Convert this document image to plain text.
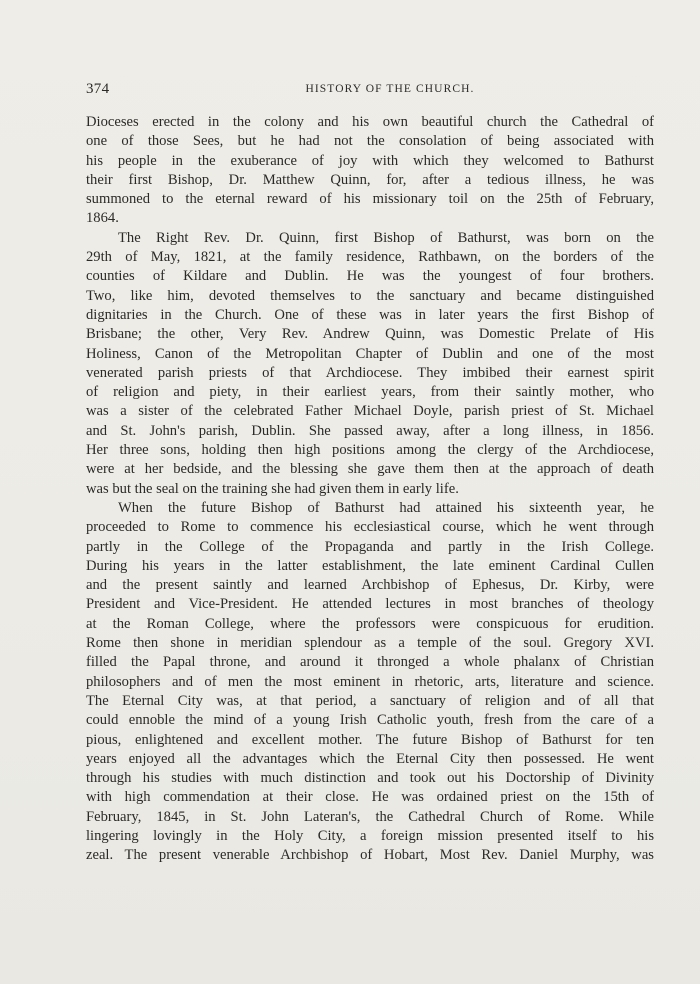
374	HISTORY OF THE CHURCH.
Dioceses erected in the colony and his own beautiful church the Cathedral of
one of those Sees, but he had not the consolation of being associated with
his people in the exuberance of joy with which they welcomed to Bathurst
their first Bishop, Dr. Matthew Quinn, for, after a tedious illness, he was
summoned to the eternal reward of his missionary toil on the 25th of February,
1864.
The Right Rev. Dr. Quinn, first Bishop of Bathurst, was born on the
29th of May, 1821, at the family residence, Rathbawn, on the borders of the
counties of Kildare and Dublin. He was the youngest of four brothers.
Two, like him, devoted themselves to the sanctuary and became distinguished
dignitaries in the Church. One of these was in later years the first Bishop of
Brisbane; the other, Very Rev. Andrew Quinn, was Domestic Prelate of His
Holiness, Canon of the Metropolitan Chapter of Dublin and one of the most
venerated parish priests of that Archdiocese. They imbibed their earnest spirit
of religion and piety, in their earliest years, from their saintly mother, who
was a sister of the celebrated Father Michael Doyle, parish priest of St. Michael
and St. John's parish, Dublin. She passed away, after a long illness, in 1856.
Her three sons, holding then high positions among the clergy of the Archdiocese,
were at her bedside, and the blessing she gave them then at the approach of death
was but the seal on the training she had given them in early life.
When the future Bishop of Bathurst had attained his sixteenth year, he
proceeded to Rome to commence his ecclesiastical course, which he went through
partly in the College of the Propaganda and partly in the Irish College.
During his years in the latter establishment, the late eminent Cardinal Cullen
and the present saintly and learned Archbishop of Ephesus, Dr. Kirby, were
President and Vice-President. He attended lectures in most branches of theology
at the Roman College, where the professors were conspicuous for erudition.
Rome then shone in meridian splendour as a temple of the soul. Gregory XVI.
filled the Papal throne, and around it thronged a whole phalanx of Christian
philosophers and of men the most eminent in rhetoric, arts, literature and science.
The Eternal City was, at that period, a sanctuary of religion and of all that
could ennoble the mind of a young Irish Catholic youth, fresh from the care of a
pious, enlightened and excellent mother. The future Bishop of Bathurst for ten
years enjoyed all the advantages which the Eternal City then possessed. He went
through his studies with much distinction and took out his Doctorship of Divinity
with high commendation at their close. He was ordained priest on the 15th of
February, 1845, in St. John Lateran's, the Cathedral Church of Rome. While
lingering lovingly in the Holy City, a foreign mission presented itself to his
zeal. The present venerable Archbishop of Hobart, Most Rev. Daniel Murphy, was
